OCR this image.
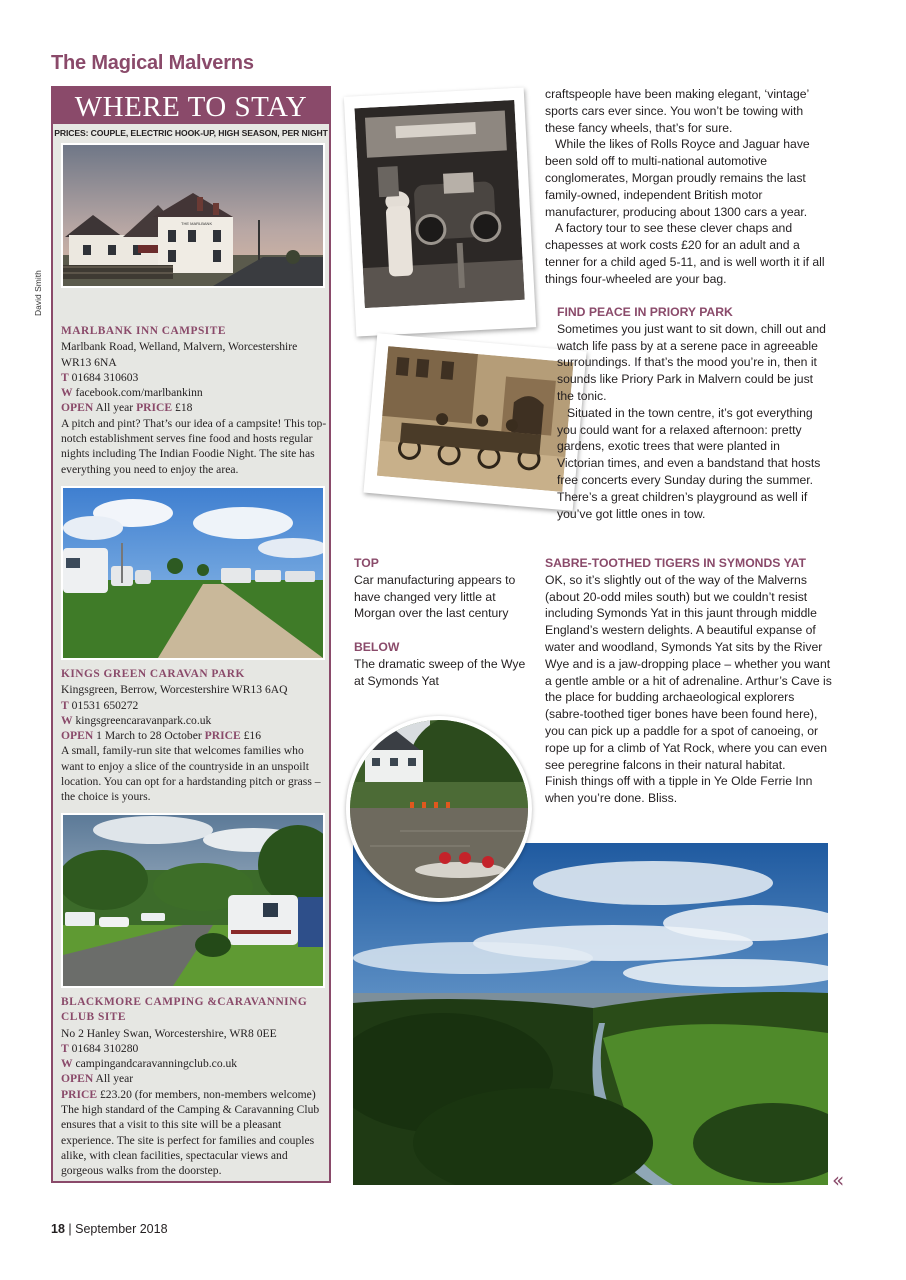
The Magical Malverns
David Smith
WHERE TO STAY
PRICES: COUPLE, ELECTRIC HOOK-UP, HIGH SEASON, PER NIGHT
THE MARLBANK
MARLBANK INN CAMPSITE
Marlbank Road, Welland, Malvern, Worcestershire WR13 6NA
T 01684 310603
W facebook.com/marlbankinn
OPEN All year PRICE £18
A pitch and pint? That’s our idea of a campsite! This top-notch establishment serves fine food and hosts regular nights including The Indian Foodie Night. The site has everything you need to enjoy the area.
KINGS GREEN CARAVAN PARK
Kingsgreen, Berrow, Worcestershire WR13 6AQ
T 01531 650272
W kingsgreencaravanpark.co.uk
OPEN 1 March to 28 October PRICE £16
A small, family-run site that welcomes families who want to enjoy a slice of the countryside in an unspoilt location. You can opt for a hardstanding pitch or grass – the choice is yours.
BLACKMORE CAMPING &CARAVANNING CLUB SITE
No 2 Hanley Swan, Worcestershire, WR8 0EE
T 01684 310280
W campingandcaravanningclub.co.uk
OPEN All year
PRICE £23.20 (for members, non-members welcome)
The high standard of the Camping & Caravanning Club ensures that a visit to this site will be a pleasant experience. The site is perfect for families and couples alike, with clean facilities, spectacular views and gorgeous walks from the doorstep.

craftspeople have been making elegant, ‘vintage’ sports cars ever since. You won’t be towing with these fancy wheels, that’s for sure.

While the likes of Rolls Royce and Jaguar have been sold off to multi-national automotive conglomerates, Morgan proudly remains the last family-owned, independent British motor manufacturer, producing about 1300 cars a year.

A factory tour to see these clever chaps and chapesses at work costs £20 for an adult and a tenner for a child aged 5-11, and is well worth it if all things four-wheeled are your bag.

FIND PEACE IN PRIORY PARK

Sometimes you just want to sit down, chill out and watch life pass by at a serene pace in agreeable surroundings. If that’s the mood you’re in, then it sounds like Priory Park in Malvern could be just the tonic.

Situated in the town centre, it’s got everything you could want for a relaxed afternoon: pretty gardens, exotic trees that were planted in Victorian times, and even a bandstand that hosts free concerts every Sunday during the summer. There’s a great children’s playground as well if you’ve got little ones in tow.

SABRE-TOOTHED TIGERS IN SYMONDS YAT

OK, so it’s slightly out of the way of the Malverns (about 20-odd miles south) but we couldn’t resist including Symonds Yat in this jaunt through middle England’s western delights. A beautiful expanse of water and woodland, Symonds Yat sits by the River Wye and is a jaw-dropping place – whether you want a gentle amble or a hit of adrenaline. Arthur’s Cave is the place for budding archaeological explorers (sabre-toothed tiger bones have been found here), you can pick up a paddle for a spot of canoeing, or rope up for a climb of Yat Rock, where you can even see peregrine falcons in their natural habitat.

Finish things off with a tipple in Ye Olde Ferrie Inn when you’re done. Bliss.

TOP
Car manufacturing appears to have changed very little at Morgan over the last century
BELOW
The dramatic sweep of the Wye at Symonds Yat
«
18 | September 2018
